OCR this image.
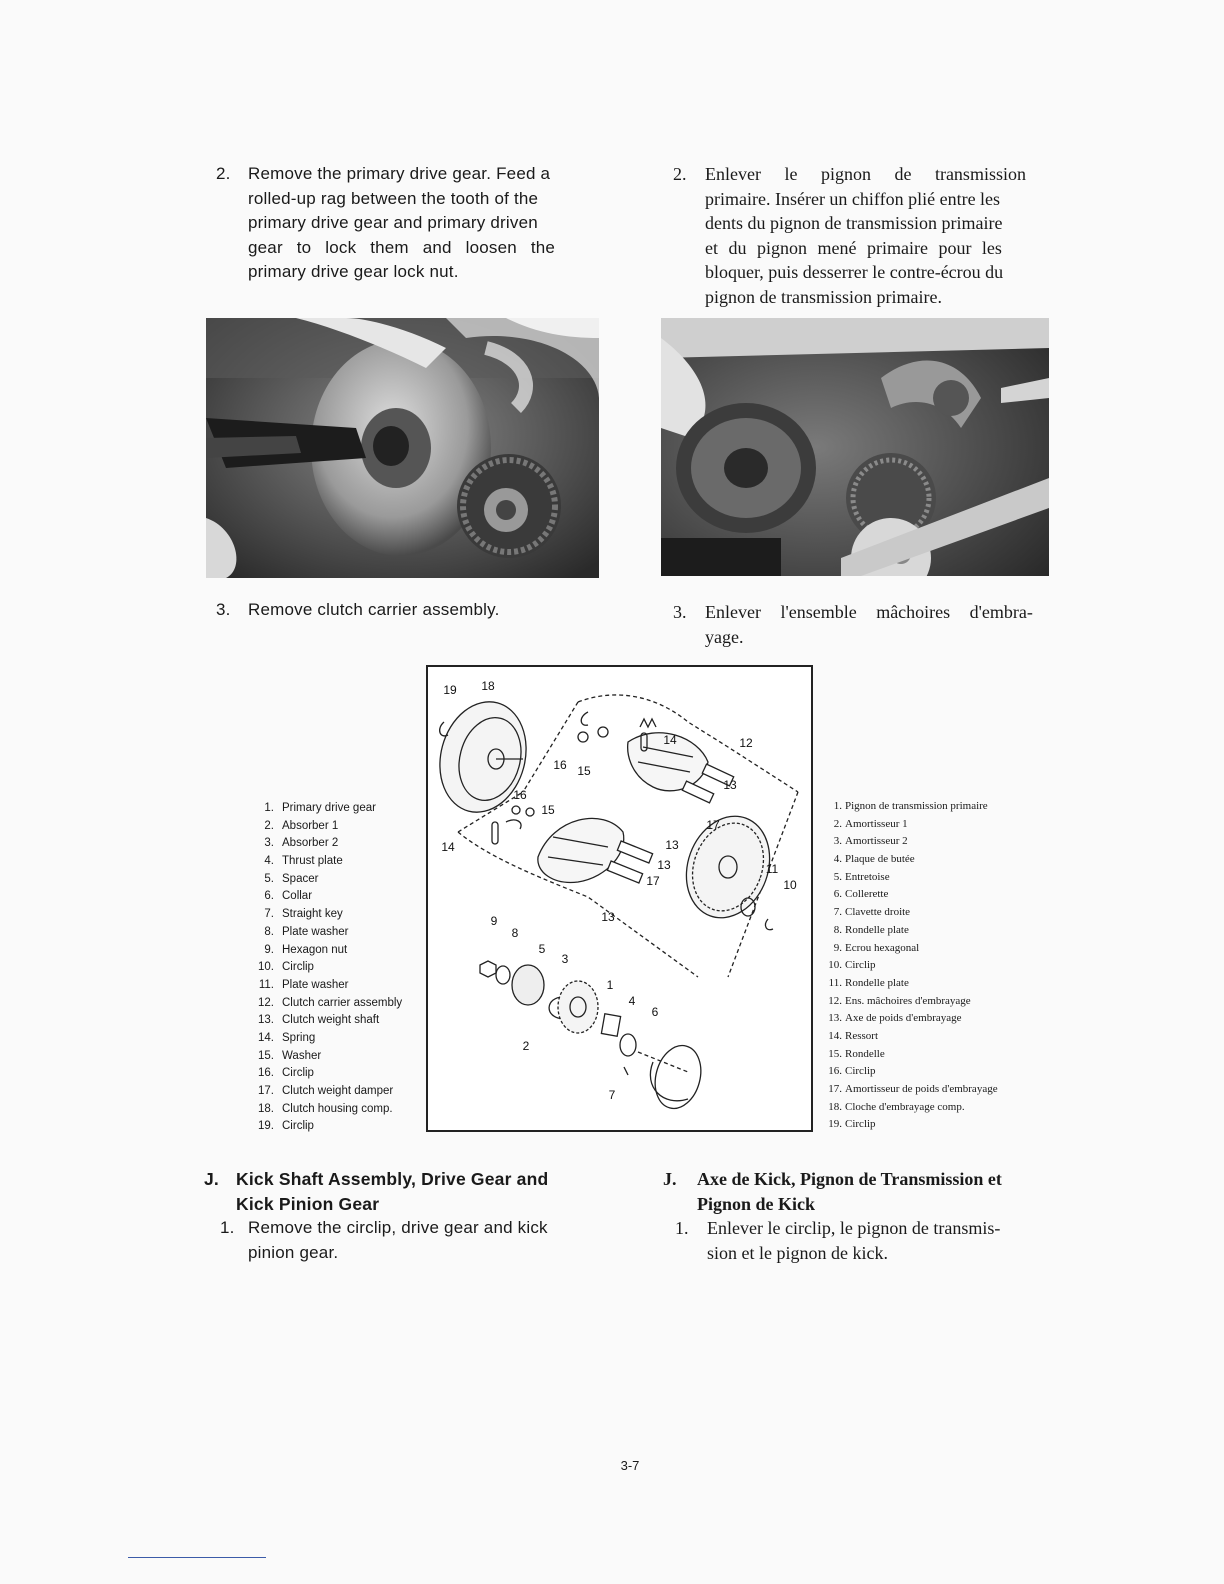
2. Remove the primary drive gear. Feed a
rolled-up rag between the tooth of the
primary drive gear and primary driven
gear to lock them and loosen the
primary drive gear lock nut.
2. Enlever le pignon de transmission
primaire. Insérer un chiffon plié entre les
dents du pignon de transmission primaire
et du pignon mené primaire pour les
bloquer, puis desserrer le contre-écrou du
pignon de transmission primaire.
3. Remove clutch carrier assembly.	3. Enlever l'ensemble mâchoires d'embra-
yage.
1. Primary drive gear
2. Absorber 1
3. Absorber 2
4. Thrust plate
5. Spacer
6. Collar
7. Straight key
8. Plate washer
9. Hexagon nut
10. Circlip
11. Plate washer
12. Clutch carrier assembly
13. Clutch weight shaft
14. Spring
15. Washer
16. Circlip
17. Clutch weight damper
18. Clutch housing comp.
19. Circlip
1. Pignon de transmission primaire
2. Amortisseur 1
3. Amortisseur 2
4. Plaque de butée
5. Entretoise
6. Collerette
7. Clavette droite
8. Rondelle plate
9. Ecrou hexagonal
10. Circlip
11. Rondelle plate
12. Ens. mâchoires d'embrayage
13. Axe de poids d'embrayage
14. Ressort
15. Rondelle
16. Circlip
17. Amortisseur de poids d'embrayage
18. Cloche d'embrayage comp.
19. Circlip
19 18
12
14
16 15
13
16
15
17
14	13
13
17
11
10
9
8
13
5
3
1
4
6
2
7
J. Kick Shaft Assembly, Drive Gear and
Kick Pinion Gear
J. Axe de Kick, Pignon de Transmission et
Pignon de Kick
1. Remove the circlip, drive gear and kick
pinion gear.
1. Enlever le circlip, le pignon de transmis-
sion et le pignon de kick.
3-7
